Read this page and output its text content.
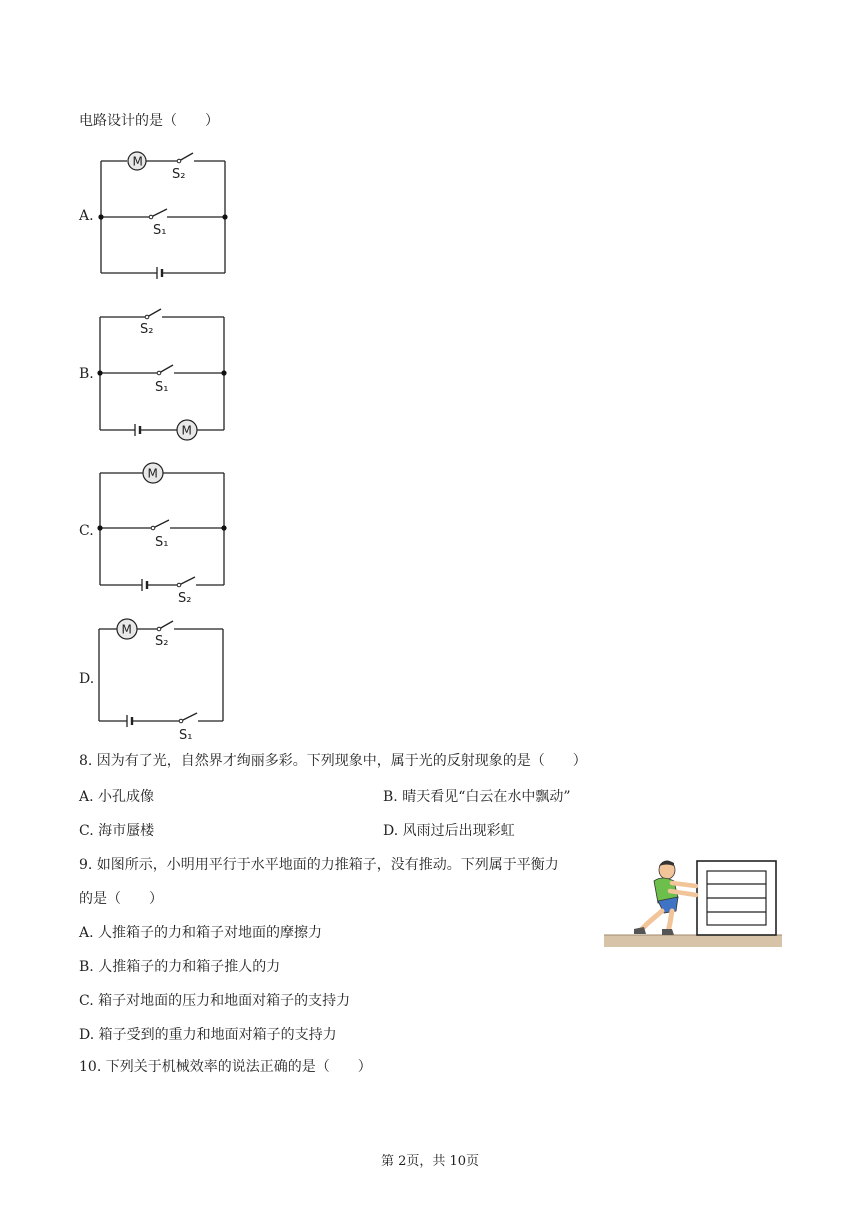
电路设计的是（　　）
A.
M
S₂
S₁
B.
S₂
S₁
M
C.
M
S₁
S₂
D.
M
S₂
S₁
8. 因为有了光，自然界才绚丽多彩。下列现象中，属于光的反射现象的是（　　）
A. 小孔成像	B. 晴天看见“白云在水中飘动”
C. 海市蜃楼	D. 风雨过后出现彩虹
9. 如图所示，小明用平行于水平地面的力推箱子，没有推动。下列属于平衡力
的是（　　）
A. 人推箱子的力和箱子对地面的摩擦力
B. 人推箱子的力和箱子推人的力
C. 箱子对地面的压力和地面对箱子的支持力
D. 箱子受到的重力和地面对箱子的支持力
10. 下列关于机械效率的说法正确的是（　　）
第 2页，共 10页
